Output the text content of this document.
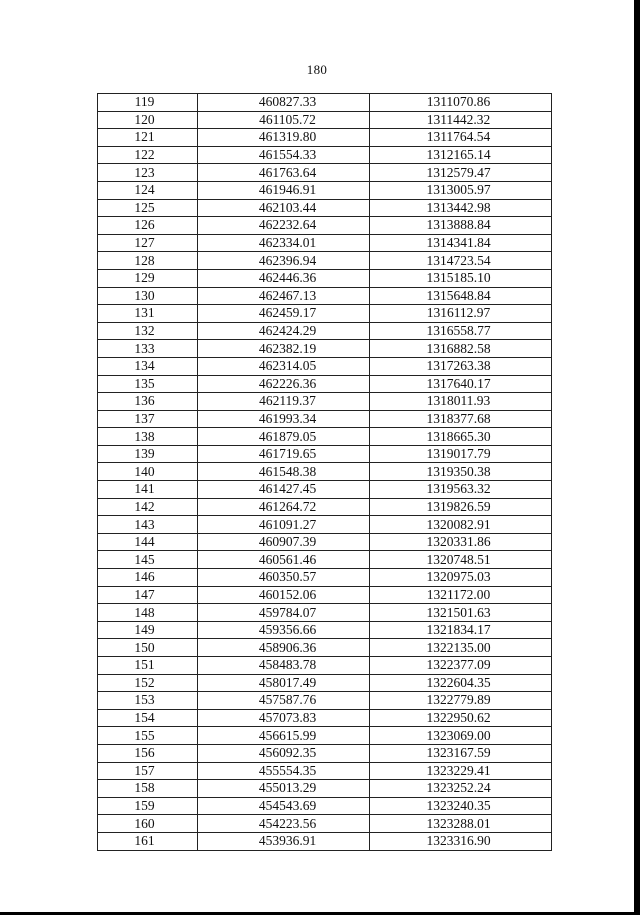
180
119	460827.33	1311070.86
120	461105.72	1311442.32
121	461319.80	1311764.54
122	461554.33	1312165.14
123	461763.64	1312579.47
124	461946.91	1313005.97
125	462103.44	1313442.98
126	462232.64	1313888.84
127	462334.01	1314341.84
128	462396.94	1314723.54
129	462446.36	1315185.10
130	462467.13	1315648.84
131	462459.17	1316112.97
132	462424.29	1316558.77
133	462382.19	1316882.58
134	462314.05	1317263.38
135	462226.36	1317640.17
136	462119.37	1318011.93
137	461993.34	1318377.68
138	461879.05	1318665.30
139	461719.65	1319017.79
140	461548.38	1319350.38
141	461427.45	1319563.32
142	461264.72	1319826.59
143	461091.27	1320082.91
144	460907.39	1320331.86
145	460561.46	1320748.51
146	460350.57	1320975.03
147	460152.06	1321172.00
148	459784.07	1321501.63
149	459356.66	1321834.17
150	458906.36	1322135.00
151	458483.78	1322377.09
152	458017.49	1322604.35
153	457587.76	1322779.89
154	457073.83	1322950.62
155	456615.99	1323069.00
156	456092.35	1323167.59
157	455554.35	1323229.41
158	455013.29	1323252.24
159	454543.69	1323240.35
160	454223.56	1323288.01
161	453936.91	1323316.90
